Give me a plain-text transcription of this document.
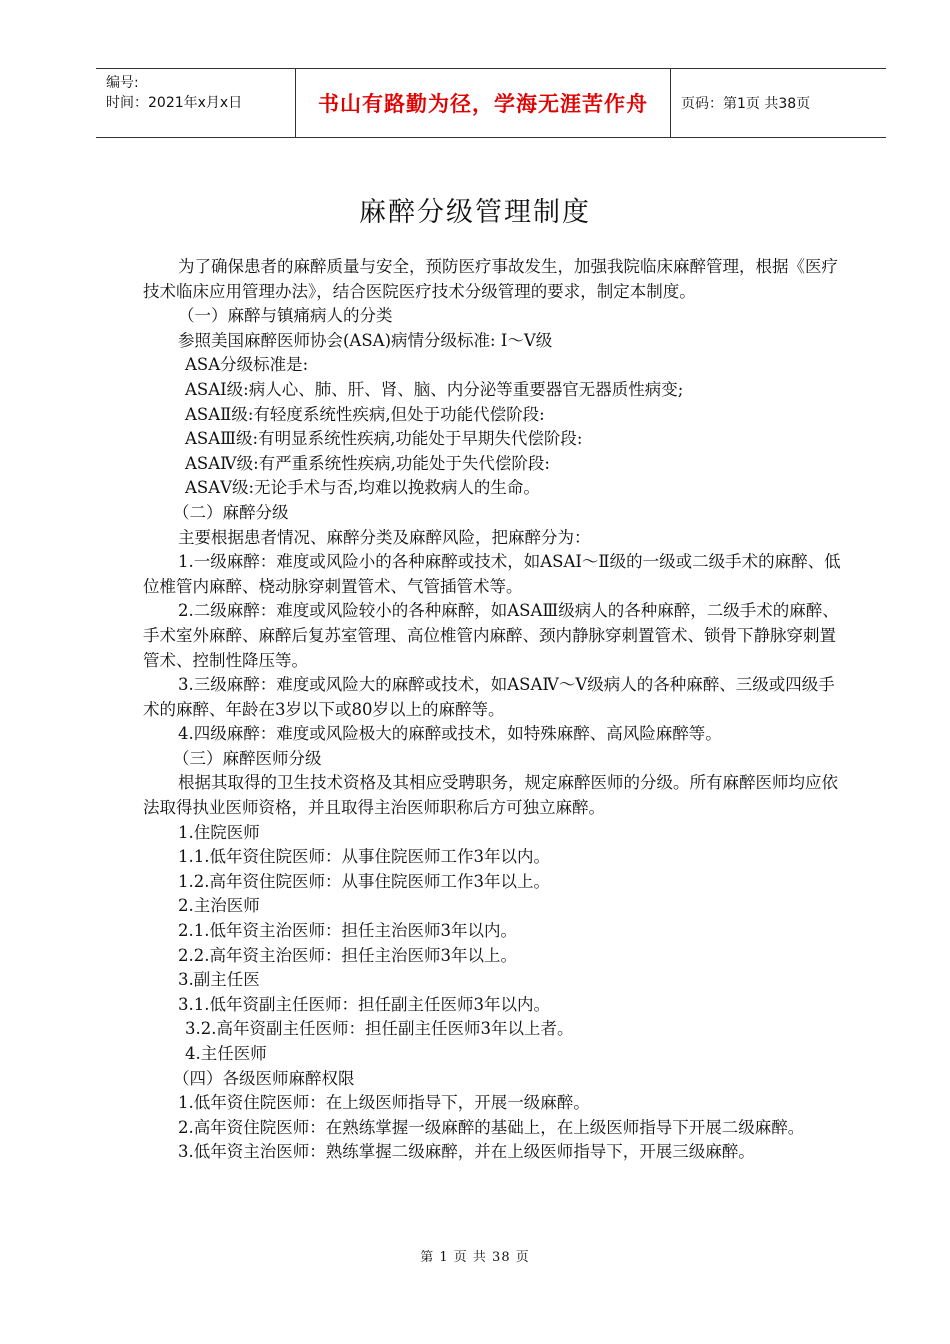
编号:
时间：2021年x月x日	书山有路勤为径，学海无涯苦作舟	页码：第1页 共38页
麻醉分级管理制度

为了确保患者的麻醉质量与安全，预防医疗事故发生，加强我院临床麻醉管理，根据《医疗技术临床应用管理办法》，结合医院医疗技术分级管理的要求，制定本制度。

（一）麻醉与镇痛病人的分类

参照美国麻醉医师协会(ASA)病情分级标准: Ⅰ～Ⅴ级

ASA分级标准是:

ASAⅠ级:病人心、肺、肝、肾、脑、内分泌等重要器官无器质性病变;

ASAⅡ级:有轻度系统性疾病,但处于功能代偿阶段:

ASAⅢ级:有明显系统性疾病,功能处于早期失代偿阶段:

ASAⅣ级:有严重系统性疾病,功能处于失代偿阶段:

ASAⅤ级:无论手术与否,均难以挽救病人的生命。

（二）麻醉分级

主要根据患者情况、麻醉分类及麻醉风险，把麻醉分为：

1.一级麻醉：难度或风险小的各种麻醉或技术，如ASAⅠ～Ⅱ级的一级或二级手术的麻醉、低位椎管内麻醉、桡动脉穿刺置管术、气管插管术等。

2.二级麻醉：难度或风险较小的各种麻醉，如ASAⅢ级病人的各种麻醉，二级手术的麻醉、手术室外麻醉、麻醉后复苏室管理、高位椎管内麻醉、颈内静脉穿刺置管术、锁骨下静脉穿刺置管术、控制性降压等。

3.三级麻醉：难度或风险大的麻醉或技术，如ASAⅣ～Ⅴ级病人的各种麻醉、三级或四级手术的麻醉、年龄在3岁以下或80岁以上的麻醉等。

4.四级麻醉：难度或风险极大的麻醉或技术，如特殊麻醉、高风险麻醉等。

（三）麻醉医师分级

根据其取得的卫生技术资格及其相应受聘职务，规定麻醉医师的分级。所有麻醉医师均应依法取得执业医师资格，并且取得主治医师职称后方可独立麻醉。

1.住院医师

1.1.低年资住院医师：从事住院医师工作3年以内。

1.2.高年资住院医师：从事住院医师工作3年以上。

2.主治医师

2.1.低年资主治医师：担任主治医师3年以内。

2.2.高年资主治医师：担任主治医师3年以上。

3.副主任医

3.1.低年资副主任医师：担任副主任医师3年以内。

3.2.高年资副主任医师：担任副主任医师3年以上者。

4.主任医师

（四）各级医师麻醉权限

1.低年资住院医师：在上级医师指导下，开展一级麻醉。

2.高年资住院医师：在熟练掌握一级麻醉的基础上，在上级医师指导下开展二级麻醉。

3.低年资主治医师：熟练掌握二级麻醉，并在上级医师指导下，开展三级麻醉。

第 1 页 共 38 页
